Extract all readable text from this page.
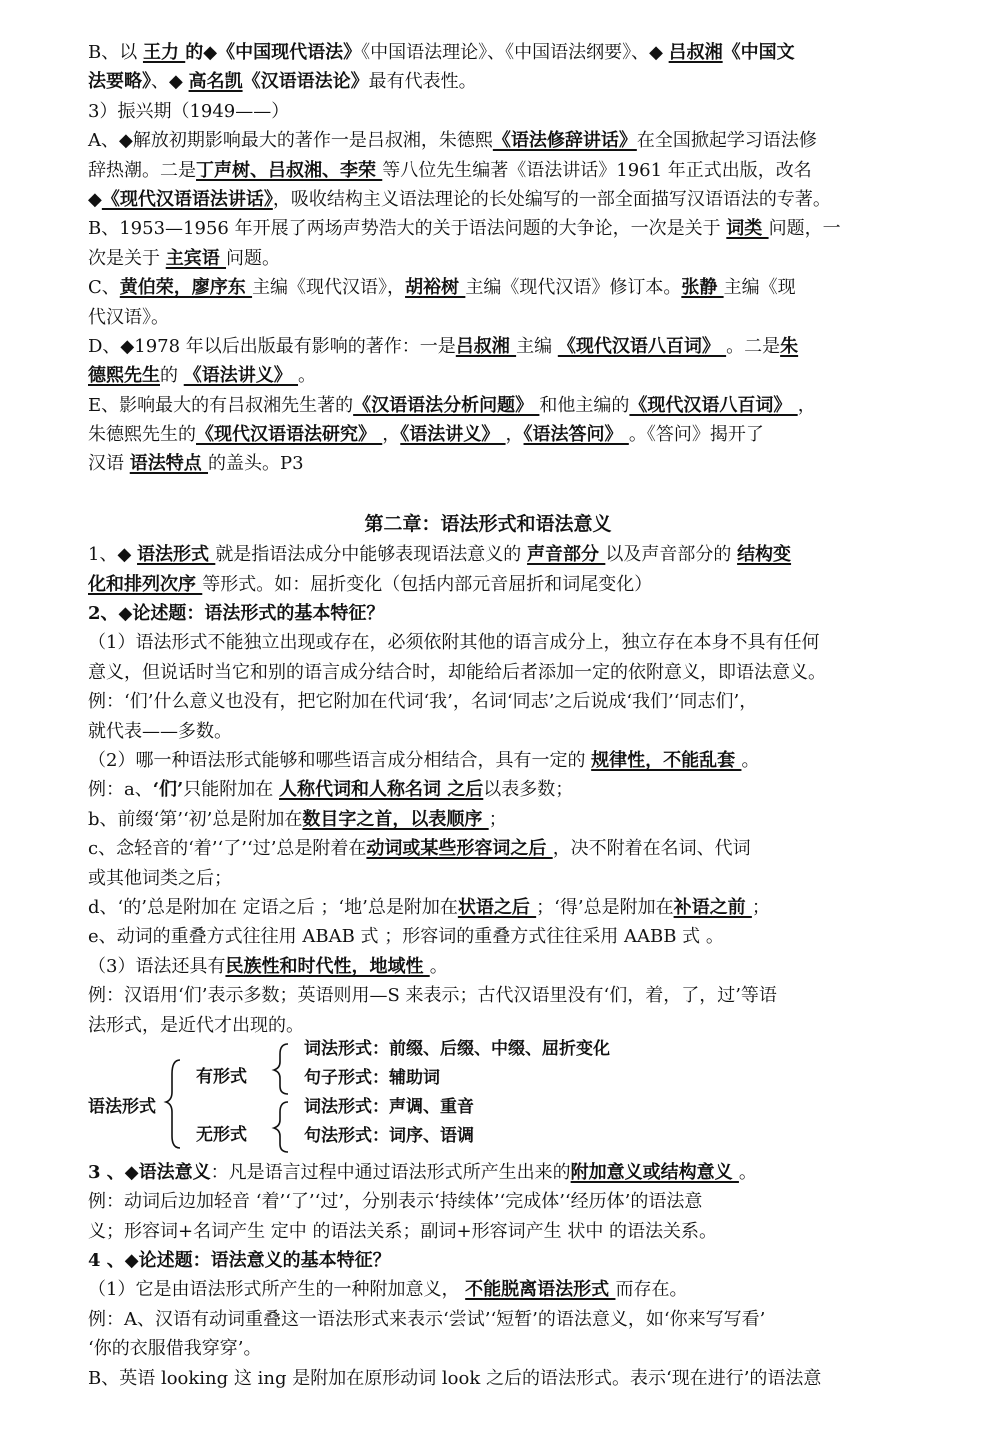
B、以 王力 的◆《中国现代语法》《中国语法理论》、《中国语法纲要》、◆ 吕叔湘《中国文
法要略》、◆ 高名凯《汉语语法论》最有代表性。
3）振兴期（1949——）
A、◆解放初期影响最大的著作一是吕叔湘，朱德熙《语法修辞讲话》在全国掀起学习语法修
辞热潮。二是丁声树、吕叔湘、李荣 等八位先生编著《语法讲话》1961 年正式出版，改名
◆《现代汉语语法讲话》，吸收结构主义语法理论的长处编写的一部全面描写汉语语法的专著。
B、1953—1956 年开展了两场声势浩大的关于语法问题的大争论，一次是关于 词类 问题，一
次是关于 主宾语 问题。
C、黄伯荣，廖序东 主编《现代汉语》，胡裕树 主编《现代汉语》修订本。张静 主编《现
代汉语》。
D、◆1978 年以后出版最有影响的著作：一是吕叔湘 主编 《现代汉语八百词》 。二是朱
德熙先生的 《语法讲义》 。
E、影响最大的有吕叔湘先生著的《汉语语法分析问题》 和他主编的《现代汉语八百词》 ，
朱德熙先生的《现代汉语语法研究》 ，《语法讲义》 ，《语法答问》 。《答问》揭开了
汉语 语法特点 的盖头。P3
第二章：语法形式和语法意义
1、◆ 语法形式 就是指语法成分中能够表现语法意义的 声音部分 以及声音部分的 结构变
化和排列次序 等形式。如：屈折变化（包括内部元音屈折和词尾变化）
2、◆论述题：语法形式的基本特征？
（1）语法形式不能独立出现或存在，必须依附其他的语言成分上，独立存在本身不具有任何
意义，但说话时当它和别的语言成分结合时，却能给后者添加一定的依附意义，即语法意义。
例：‘们’什么意义也没有，把它附加在代词‘我’，名词‘同志’之后说成‘我们’‘同志们’，
就代表——多数。
（2）哪一种语法形式能够和哪些语言成分相结合，具有一定的 规律性，不能乱套 。
例：a、‘们’只能附加在 人称代词和人称名词 之后以表多数；
b、前缀‘第’‘初’总是附加在数目字之首，以表顺序 ；
c、念轻音的‘着’‘了’‘过’总是附着在动词或某些形容词之后 ，决不附着在名词、代词
或其他词类之后；
d、‘的’总是附加在 定语之后 ；‘地’总是附加在状语之后 ；‘得’总是附加在补语之前 ；
e、动词的重叠方式往往用 ABAB 式 ；形容词的重叠方式往往采用 AABB 式 。
（3）语法还具有民族性和时代性，地域性 。
例：汉语用‘们’表示多数；英语则用—S 来表示；古代汉语里没有‘们，着，了，过’等语
法形式，是近代才出现的。
语法形式
有形式
无形式
词法形式：前缀、后缀、中缀、屈折变化
句子形式：辅助词
词法形式：声调、重音
句法形式：词序、语调
3 、◆语法意义：凡是语言过程中通过语法形式所产生出来的附加意义或结构意义 。
例：动词后边加轻音 ‘着’‘了’‘过’，分别表示‘持续体’‘完成体’‘经历体’的语法意
义；形容词+名词产生 定中 的语法关系；副词+形容词产生 状中 的语法关系。
4 、◆论述题：语法意义的基本特征？
（1）它是由语法形式所产生的一种附加意义， 不能脱离语法形式 而存在。
例：A、汉语有动词重叠这一语法形式来表示‘尝试’‘短暂’的语法意义，如‘你来写写看’
‘你的衣服借我穿穿’。
B、英语 looking 这 ing 是附加在原形动词 look 之后的语法形式。表示‘现在进行’的语法意
